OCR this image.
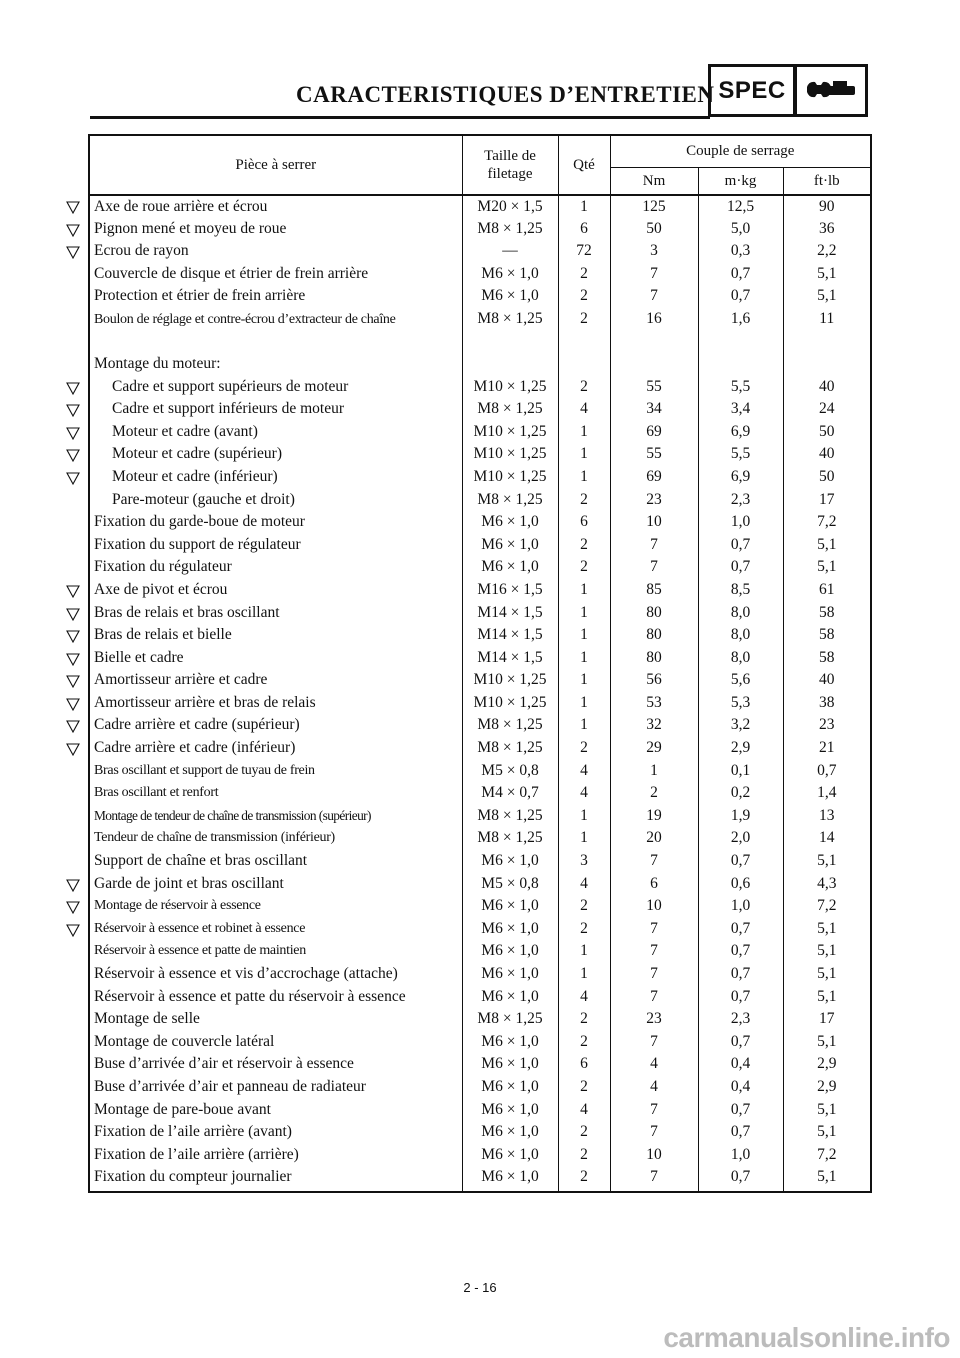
CARACTERISTIQUES D’ENTRETIEN SPEC
Pièce à serrer	Taille de
filetage	Qté	Couple de serrage		
			Nm	m·kg	ft·lb
Axe de roue arrière et écrou	M20 × 1,5	1	125	12,5	90
Pignon mené et moyeu de roue	M8 × 1,25	6	50	5,0	36
Ecrou de rayon	—	72	3	0,3	2,2
Couvercle de disque et étrier de frein arrière	M6 × 1,0	2	7	0,7	5,1
Protection et étrier de frein arrière	M6 × 1,0	2	7	0,7	5,1
Boulon de réglage et contre-écrou d’extracteur de chaîne	M8 × 1,25	2	16	1,6	11
Montage du moteur:					
Cadre et support supérieurs de moteur	M10 × 1,25	2	55	5,5	40
Cadre et support inférieurs de moteur	M8 × 1,25	4	34	3,4	24
Moteur et cadre (avant)	M10 × 1,25	1	69	6,9	50
Moteur et cadre (supérieur)	M10 × 1,25	1	55	5,5	40
Moteur et cadre (inférieur)	M10 × 1,25	1	69	6,9	50
Pare-moteur (gauche et droit)	M8 × 1,25	2	23	2,3	17
Fixation du garde-boue de moteur	M6 × 1,0	6	10	1,0	7,2
Fixation du support de régulateur	M6 × 1,0	2	7	0,7	5,1
Fixation du régulateur	M6 × 1,0	2	7	0,7	5,1
Axe de pivot et écrou	M16 × 1,5	1	85	8,5	61
Bras de relais et bras oscillant	M14 × 1,5	1	80	8,0	58
Bras de relais et bielle	M14 × 1,5	1	80	8,0	58
Bielle et cadre	M14 × 1,5	1	80	8,0	58
Amortisseur arrière et cadre	M10 × 1,25	1	56	5,6	40
Amortisseur arrière et bras de relais	M10 × 1,25	1	53	5,3	38
Cadre arrière et cadre (supérieur)	M8 × 1,25	1	32	3,2	23
Cadre arrière et cadre (inférieur)	M8 × 1,25	2	29	2,9	21
Bras oscillant et support de tuyau de frein	M5 × 0,8	4	1	0,1	0,7
Bras oscillant et renfort	M4 × 0,7	4	2	0,2	1,4
Montage de tendeur de chaîne de transmission (supérieur)	M8 × 1,25	1	19	1,9	13
Tendeur de chaîne de transmission (inférieur)	M8 × 1,25	1	20	2,0	14
Support de chaîne et bras oscillant	M6 × 1,0	3	7	0,7	5,1
Garde de joint et bras oscillant	M5 × 0,8	4	6	0,6	4,3
Montage de réservoir à essence	M6 × 1,0	2	10	1,0	7,2
Réservoir à essence et robinet à essence	M6 × 1,0	2	7	0,7	5,1
Réservoir à essence et patte de maintien	M6 × 1,0	1	7	0,7	5,1
Réservoir à essence et vis d’accrochage (attache)	M6 × 1,0	1	7	0,7	5,1
Réservoir à essence et patte du réservoir à essence	M6 × 1,0	4	7	0,7	5,1
Montage de selle	M8 × 1,25	2	23	2,3	17
Montage de couvercle latéral	M6 × 1,0	2	7	0,7	5,1
Buse d’arrivée d’air et réservoir à essence	M6 × 1,0	6	4	0,4	2,9
Buse d’arrivée d’air et panneau de radiateur	M6 × 1,0	2	4	0,4	2,9
Montage de pare-boue avant	M6 × 1,0	4	7	0,7	5,1
Fixation de l’aile arrière (avant)	M6 × 1,0	2	7	0,7	5,1
Fixation de l’aile arrière (arrière)	M6 × 1,0	2	10	1,0	7,2
Fixation du compteur journalier	M6 × 1,0	2	7	0,7	5,1
2 - 16
carmanualsonline.info
